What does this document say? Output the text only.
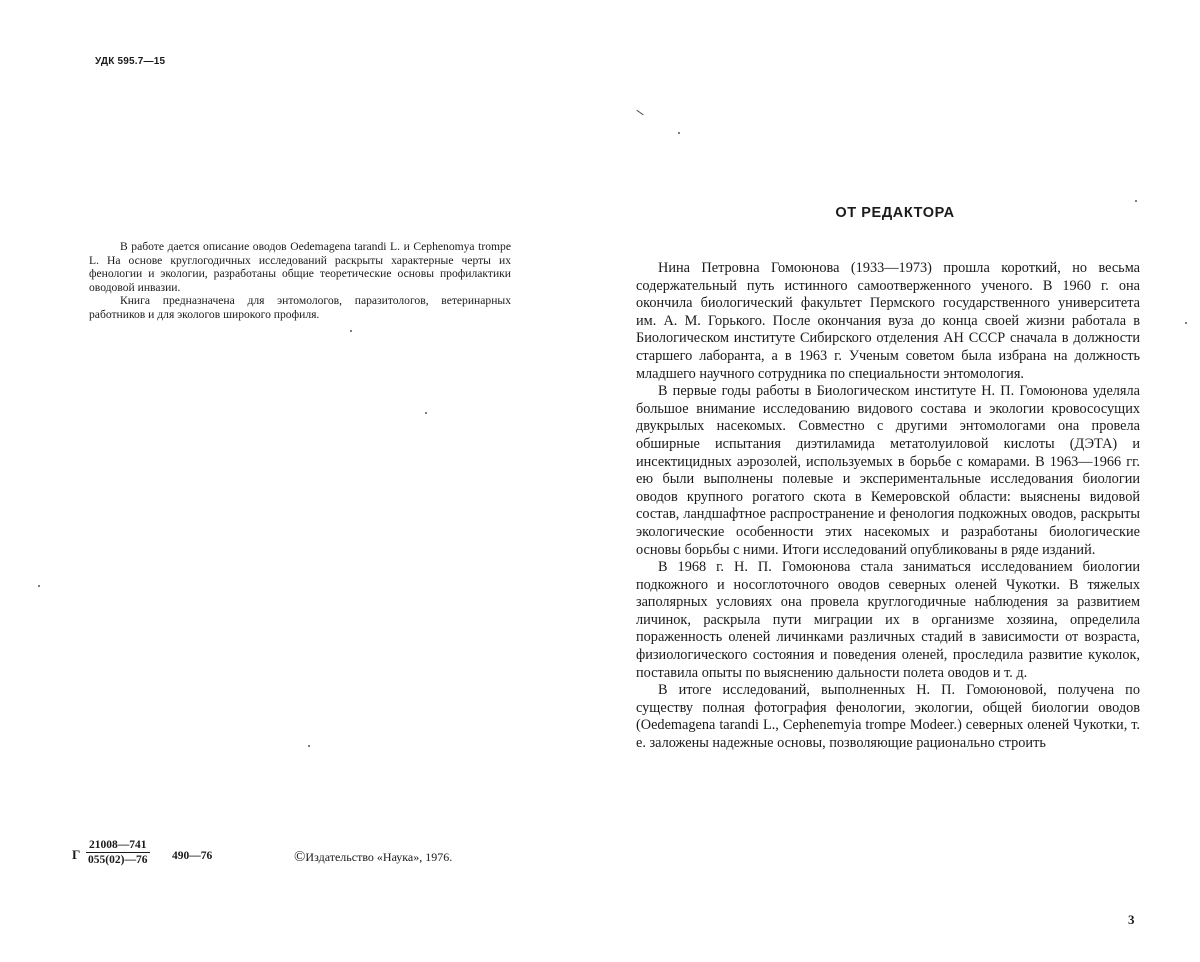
УДК 595.7—15

В работе дается описание оводов Oedemagena tarandi L. и Cephenomya trompe L. На основе круглогодичных исследований раскрыты характерные черты их фенологии и экологии, разработаны общие теоретические основы профилактики оводовой инвазии.

Книга предназначена для энтомологов, паразитологов, ветеринарных работников и для экологов широкого профиля.

Г $\frac{21008—741}{055(02)—76}$ 490—76	©Издательство «Наука», 1976.
ОТ РЕДАКТОРА

Нина Петровна Гомоюнова (1933—1973) прошла короткий, но весьма содержательный путь истинного самоотверженного ученого. В 1960 г. она окончила биологический факультет Пермского государственного университета им. А. М. Горького. После окончания вуза до конца своей жизни работала в Биологическом институте Сибирского отделения АН СССР сначала в должности старшего лаборанта, а в 1963 г. Ученым советом была избрана на должность младшего научного сотрудника по специальности энтомология.

В первые годы работы в Биологическом институте Н. П. Гомоюнова уделяла большое внимание исследованию видового состава и экологии кровососущих двукрылых насекомых. Совместно с другими энтомологами она провела обширные испытания диэтиламида метатолуиловой кислоты (ДЭТА) и инсектицидных аэрозолей, используемых в борьбе с комарами. В 1963—1966 гг. ею были выполнены полевые и экспериментальные исследования биологии оводов крупного рогатого скота в Кемеровской области: выяснены видовой состав, ландшафтное распространение и фенология подкожных оводов, раскрыты экологические особенности этих насекомых и разработаны биологические основы борьбы с ними. Итоги исследований опубликованы в ряде изданий.

В 1968 г. Н. П. Гомоюнова стала заниматься исследованием биологии подкожного и носоглоточного оводов северных оленей Чукотки. В тяжелых заполярных условиях она провела круглогодичные наблюдения за развитием личинок, раскрыла пути миграции их в организме хозяина, определила пораженность оленей личинками различных стадий в зависимости от возраста, физиологического состояния и поведения оленей, проследила развитие куколок, поставила опыты по выяснению дальности полета оводов и т. д.

В итоге исследований, выполненных Н. П. Гомоюновой, получена по существу полная фотография фенологии, экологии, общей биологии оводов (Oedemagena tarandi L., Cephenemyia trompe Modeer.) северных оленей Чукотки, т. е. заложены надежные основы, позволяющие рационально строить

3
